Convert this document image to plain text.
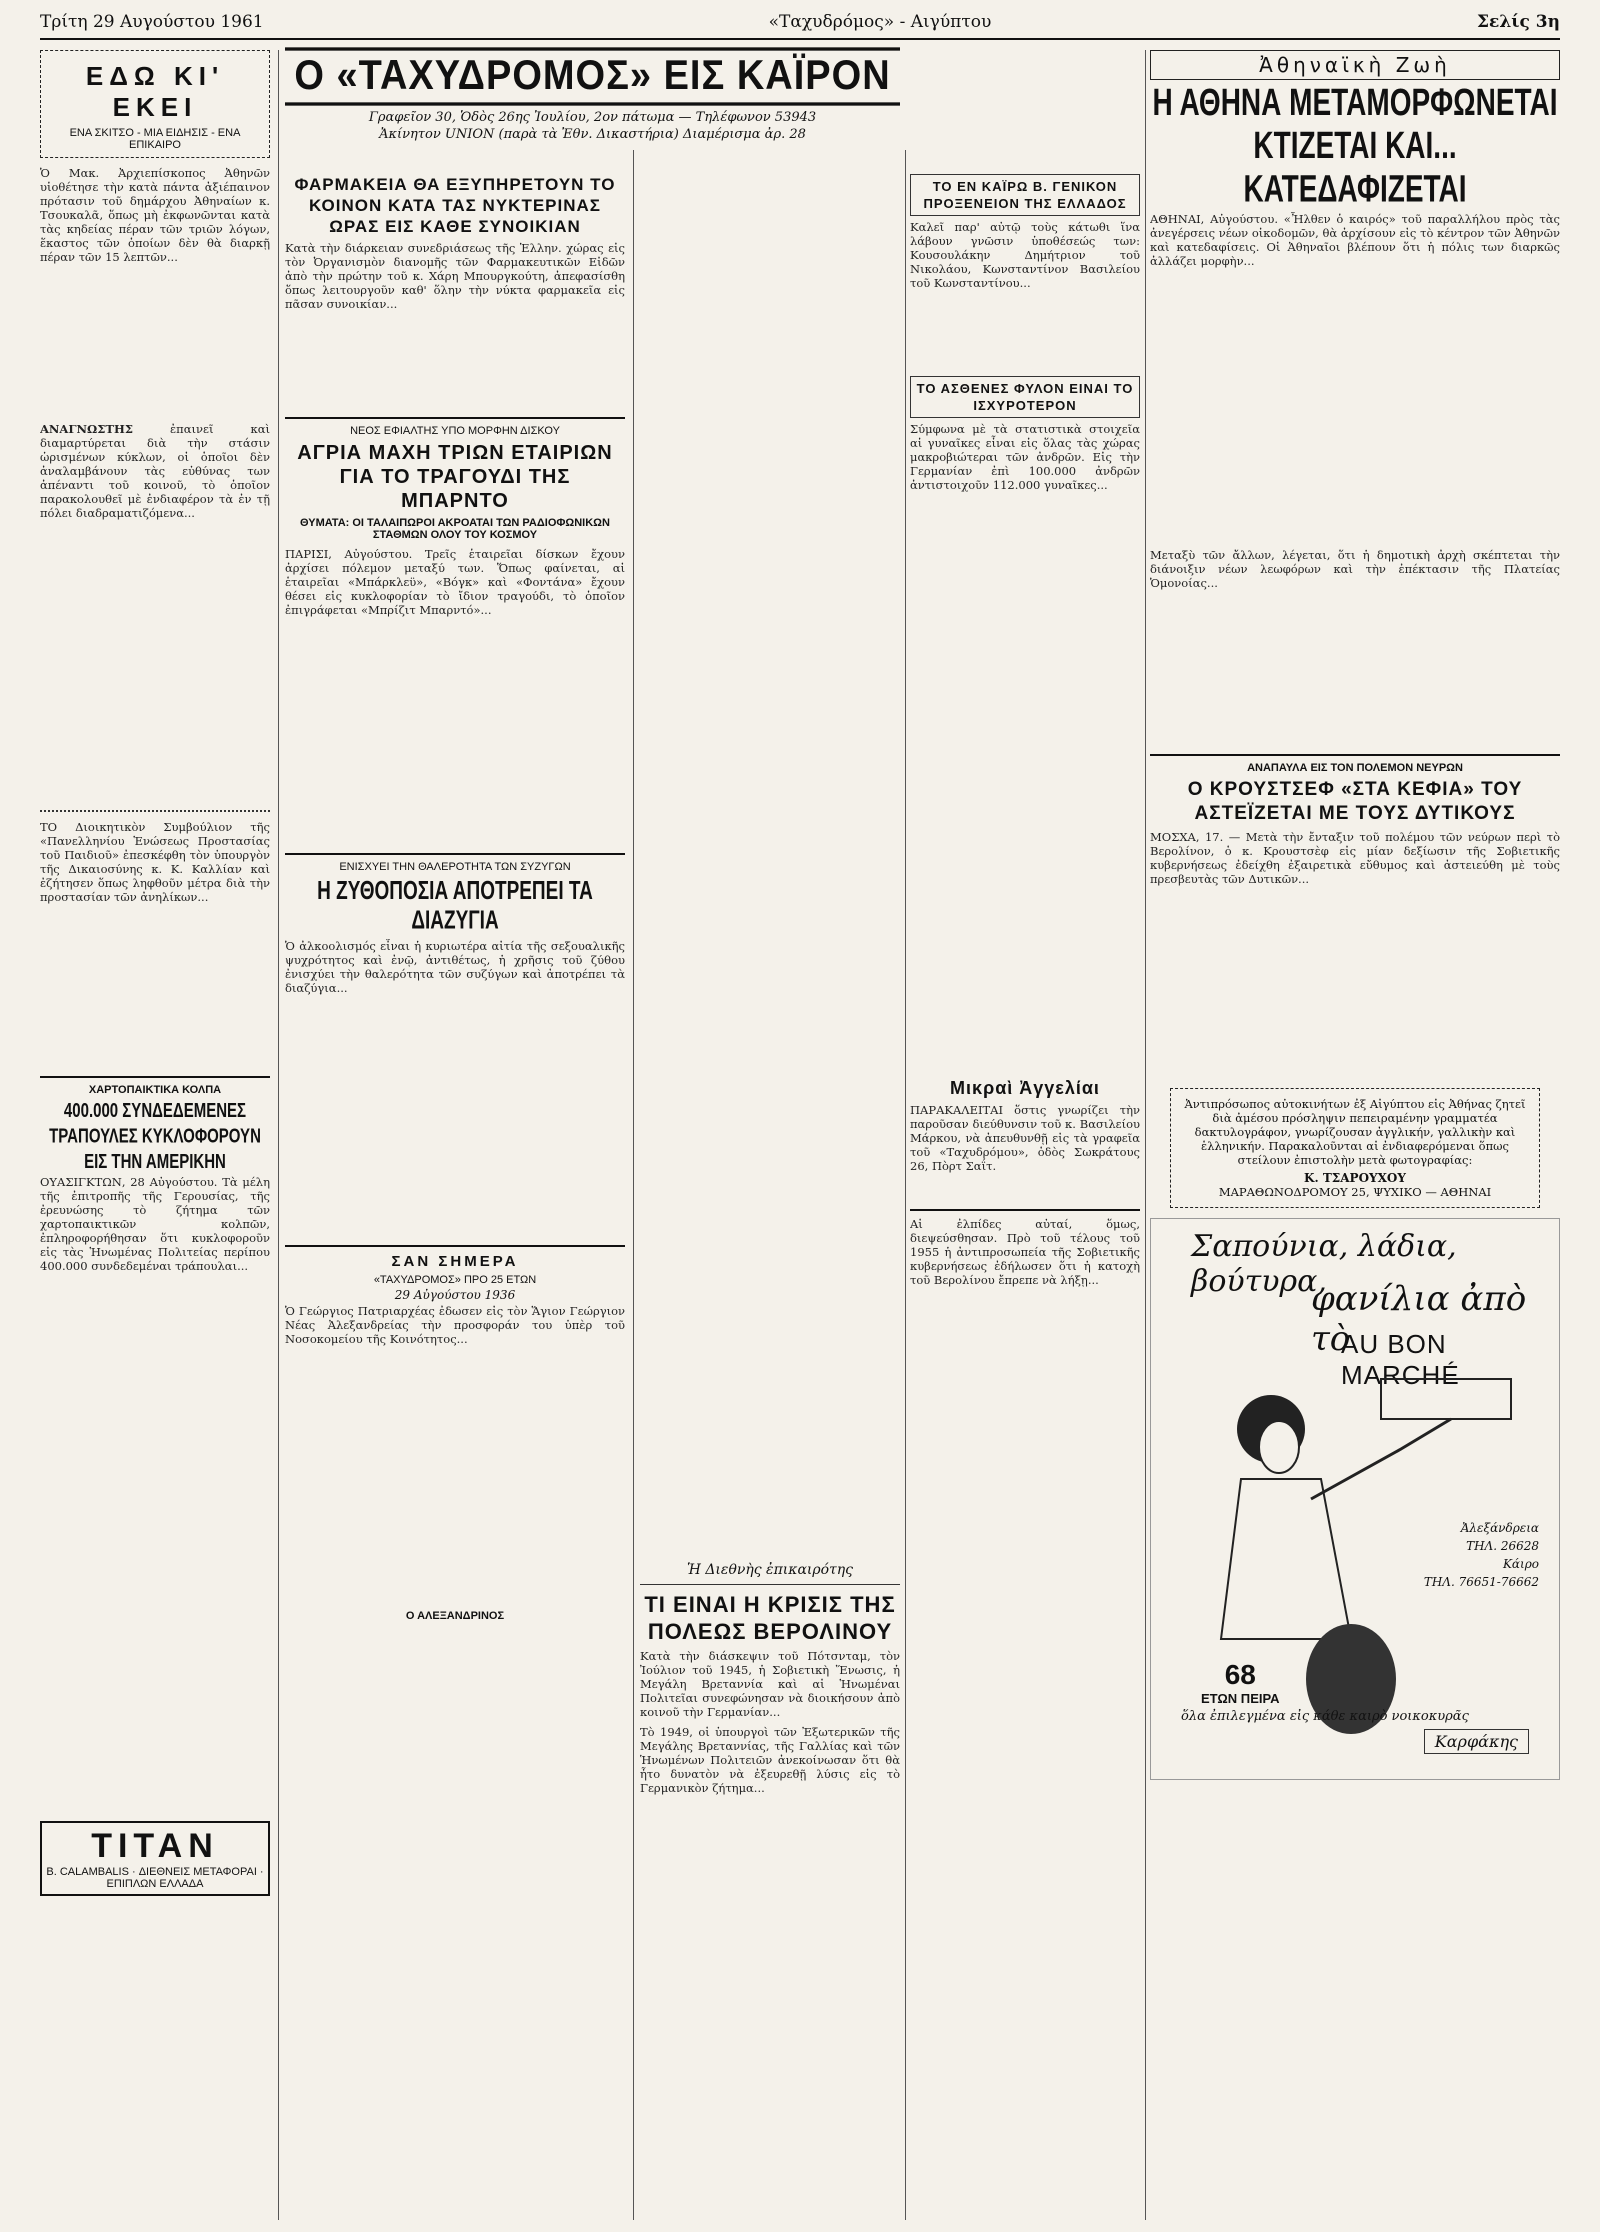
Τρίτη 29 Αυγούστου 1961	«Ταχυδρόμος» - Αιγύπτου	Σελίς 3η
ΕΔΩ ΚΙ' ΕΚΕΙ
ΕΝΑ ΣΚΙΤΣΟ - ΜΙΑ ΕΙΔΗΣΙΣ - ΕΝΑ ΕΠΙΚΑΙΡΟ

Ὁ Μακ. Ἀρχιεπίσκοπος Ἀθηνῶν υἱοθέτησε τὴν κατὰ πάντα ἀξιέπαινον πρότασιν τοῦ δημάρχου Ἀθηναίων κ. Τσουκαλᾶ, ὅπως μὴ ἐκφωνῶνται κατὰ τὰς κηδείας πέραν τῶν τριῶν λόγων, ἕκαστος τῶν ὁποίων δὲν θὰ διαρκῇ πέραν τῶν 15 λεπτῶν...

ΑΝΑΓΝΩΣΤΗΣ	ἐπαινεῖ καὶ διαμαρτύρεται διὰ τὴν στάσιν ὡρισμένων κύκλων, οἱ ὁποῖοι δὲν ἀναλαμβάνουν τὰς εὐθύνας των ἀπέναντι τοῦ κοινοῦ, τὸ ὁποῖον παρακολουθεῖ μὲ ἐνδιαφέρον τὰ ἐν τῇ πόλει διαδραματιζόμενα...

ΤΟ Διοικητικὸν Συμβούλιον τῆς «Πανελληνίου Ἑνώσεως Προστασίας τοῦ Παιδιοῦ» ἐπεσκέφθη τὸν ὑπουργὸν τῆς Δικαιοσύνης κ. Κ. Καλλίαν καὶ ἐζήτησεν ὅπως ληφθοῦν μέτρα διὰ τὴν προστασίαν τῶν ἀνηλίκων...

ΧΑΡΤΟΠΑΙΚΤΙΚΑ ΚΟΛΠΑ
400.000 ΣΥΝΔΕΔΕΜΕΝΕΣ ΤΡΑΠΟΥΛΕΣ ΚΥΚΛΟΦΟΡΟΥΝ ΕΙΣ ΤΗΝ ΑΜΕΡΙΚΗΝ

ΟΥΑΣΙΓΚΤΩΝ, 28 Αὐγούστου. Τὰ μέλη τῆς ἐπιτροπῆς τῆς Γερουσίας, τῆς ἐρευνώσης τὸ ζήτημα τῶν χαρτοπαικτικῶν κολπῶν, ἐπληροφορήθησαν ὅτι κυκλοφοροῦν εἰς τὰς Ἡνωμένας Πολιτείας περίπου 400.000 συνδεδεμέναι τράπουλαι...

TITAN
B. CALAMBALIS · ΔΙΕΘΝΕΙΣ ΜΕΤΑΦΟΡΑΙ · ΕΠΙΠΛΩΝ ΕΛΛΑΔΑ
Ο «ΤΑΧΥΔΡΟΜΟΣ» ΕΙΣ ΚΑΪΡΟΝ
Γραφεῖον 30, Ὁδὸς 26ης Ἰουλίου, 2ον πάτωμα — Τηλέφωνον 53943
Ἀκίνητον UNION (παρὰ τὰ Ἐθν. Δικαστήρια) Διαμέρισμα ἀρ. 28
ΦΑΡΜΑΚΕΙΑ ΘΑ ΕΞΥΠΗΡΕΤΟΥΝ ΤΟ ΚΟΙΝΟΝ ΚΑΤΑ ΤΑΣ ΝΥΚΤΕΡΙΝΑΣ ΩΡΑΣ ΕΙΣ ΚΑΘΕ ΣΥΝΟΙΚΙΑΝ

Κατὰ τὴν διάρκειαν συνεδριάσεως τῆς Ἑλλην. χώρας εἰς τὸν Ὀργανισμὸν διανομῆς τῶν Φαρμακευτικῶν Εἰδῶν ἀπὸ τὴν πρώτην τοῦ κ. Χάρη Μπουργκούτη, ἀπεφασίσθη ὅπως λειτουργοῦν καθ' ὅλην τὴν νύκτα φαρμακεῖα εἰς πᾶσαν συνοικίαν...

ΝΕΟΣ ΕΦΙΑΛΤΗΣ ΥΠΟ ΜΟΡΦΗΝ ΔΙΣΚΟΥ
ΑΓΡΙΑ ΜΑΧΗ ΤΡΙΩΝ ΕΤΑΙΡΙΩΝ ΓΙΑ ΤΟ ΤΡΑΓΟΥΔΙ ΤΗΣ ΜΠΑΡΝΤΟ
ΘΥΜΑΤΑ: ΟΙ ΤΑΛΑΙΠΩΡΟΙ ΑΚΡΟΑΤΑΙ ΤΩΝ ΡΑΔΙΟΦΩΝΙΚΩΝ ΣΤΑΘΜΩΝ ΟΛΟΥ ΤΟΥ ΚΟΣΜΟΥ

ΠΑΡΙΣΙ, Αὐγούστου. Τρεῖς ἑταιρεῖαι δίσκων ἔχουν ἀρχίσει πόλεμον μεταξύ των. Ὅπως φαίνεται, αἱ ἑταιρεῖαι «Μπάρκλεϋ», «Βόγκ» καὶ «Φοντάνα» ἔχουν θέσει εἰς κυκλοφορίαν τὸ ἴδιον τραγούδι, τὸ ὁποῖον ἐπιγράφεται «Μπρίζιτ Μπαρντό»...

ΕΝΙΣΧΥΕΙ ΤΗΝ ΘΑΛΕΡΟΤΗΤΑ ΤΩΝ ΣΥΖΥΓΩΝ
Η ΖΥΘΟΠΟΣΙΑ ΑΠΟΤΡΕΠΕΙ ΤΑ ΔΙΑΖΥΓΙΑ

Ὁ ἀλκοολισμός εἶναι ἡ κυριωτέρα αἰτία τῆς σεξουαλικῆς ψυχρότητος καὶ ἐνῷ, ἀντιθέτως, ἡ χρῆσις τοῦ ζύθου ἐνισχύει τὴν θαλερότητα τῶν συζύγων καὶ ἀποτρέπει τὰ διαζύγια...

ΣΑΝ ΣΗΜΕΡΑ
«ΤΑΧΥΔΡΟΜΟΣ» ΠΡΟ 25 ΕΤΩΝ
29 Αὐγούστου 1936

Ὁ Γεώργιος Πατριαρχέας ἐδωσεν εἰς τὸν Ἅγιον Γεώργιον Νέας Ἀλεξανδρείας τὴν προσφοράν του ὑπὲρ τοῦ Νοσοκομείου τῆς Κοινότητος...

Ο ΑΛΕΞΑΝΔΡΙΝΟΣ
Ἡ Διεθνὴς ἐπικαιρότης
ΤΙ ΕΙΝΑΙ Η ΚΡΙΣΙΣ ΤΗΣ ΠΟΛΕΩΣ ΒΕΡΟΛΙΝΟΥ

Κατὰ τὴν διάσκεψιν τοῦ Πότσνταμ, τὸν Ἰούλιον τοῦ 1945, ἡ Σοβιετικὴ Ἕνωσις, ἡ Μεγάλη Βρεταννία καὶ αἱ Ἡνωμέναι Πολιτεῖαι συνεφώνησαν νὰ διοικήσουν ἀπὸ κοινοῦ τὴν Γερμανίαν...

Τὸ 1949, οἱ ὑπουργοὶ τῶν Ἐξωτερικῶν τῆς Μεγάλης Βρεταννίας, τῆς Γαλλίας καὶ τῶν Ἡνωμένων Πολιτειῶν ἀνεκοίνωσαν ὅτι θὰ ἦτο δυνατὸν νὰ ἐξευρεθῇ λύσις εἰς τὸ Γερμανικὸν ζήτημα...

ΤΟ ΕΝ ΚΑΪΡΩ Β. ΓΕΝΙΚΟΝ ΠΡΟΞΕΝΕΙΟΝ ΤΗΣ ΕΛΛΑΔΟΣ

Καλεῖ παρ' αὐτῷ τοὺς κάτωθι ἵνα λάβουν γνῶσιν ὑποθέσεώς των: Κουσουλάκην Δημήτριον τοῦ Νικολάου, Κωνσταντίνον Βασιλείου τοῦ Κωνσταντίνου...

ΤΟ ΑΣΘΕΝΕΣ ΦΥΛΟΝ ΕΙΝΑΙ ΤΟ ΙΣΧΥΡΟΤΕΡΟΝ

Σύμφωνα μὲ τὰ στατιστικὰ στοιχεῖα αἱ γυναῖκες εἶναι εἰς ὅλας τὰς χώρας μακροβιώτεραι τῶν ἀνδρῶν. Εἰς τὴν Γερμανίαν ἐπὶ 100.000 ἀνδρῶν ἀντιστοιχοῦν 112.000 γυναῖκες...

Μικραὶ Ἀγγελίαι

ΠΑΡΑΚΑΛΕΙΤΑΙ ὅστις γνωρίζει τὴν παροῦσαν διεύθυνσιν τοῦ κ. Βασιλείου Μάρκου, νὰ ἀπευθυνθῇ εἰς τὰ γραφεῖα τοῦ «Ταχυδρόμου», ὁδὸς Σωκράτους 26, Πὸρτ Σαΐτ.

Αἱ ἐλπίδες αὐταί, ὅμως, διεψεύσθησαν. Πρὸ τοῦ τέλους τοῦ 1955 ἡ ἀντιπροσωπεία τῆς Σοβιετικῆς κυβερνήσεως ἐδήλωσεν ὅτι ἡ κατοχὴ τοῦ Βερολίνου ἔπρεπε νὰ λήξῃ...

Ἀθηναϊκὴ Ζωὴ
Η ΑΘΗΝΑ ΜΕΤΑΜΟΡΦΩΝΕΤΑΙ ΚΤΙΖΕΤΑΙ ΚΑΙ... ΚΑΤΕΔΑΦΙΖΕΤΑΙ

ΑΘΗΝΑΙ, Αὐγούστου. «Ἦλθεν ὁ καιρός» τοῦ παραλλήλου πρὸς τὰς ἀνεγέρσεις νέων οἰκοδομῶν, θὰ ἀρχίσουν εἰς τὸ κέντρον τῶν Ἀθηνῶν καὶ κατεδαφίσεις. Οἱ Ἀθηναῖοι βλέπουν ὅτι ἡ πόλις των διαρκῶς ἀλλάζει μορφὴν...

Μεταξὺ τῶν ἄλλων, λέγεται, ὅτι ἡ δημοτικὴ ἀρχὴ σκέπτεται τὴν διάνοιξιν νέων λεωφόρων καὶ τὴν ἐπέκτασιν τῆς Πλατείας Ὁμονοίας...

ΑΝΑΠΑΥΛΑ ΕΙΣ ΤΟΝ ΠΟΛΕΜΟΝ ΝΕΥΡΩΝ
Ο ΚΡΟΥΣΤΣΕΦ «ΣΤΑ ΚΕΦΙΑ» ΤΟΥ ΑΣΤΕΪΖΕΤΑΙ ΜΕ ΤΟΥΣ ΔΥΤΙΚΟΥΣ

ΜΟΣΧΑ, 17. — Μετὰ τὴν ἔνταξιν τοῦ πολέμου τῶν νεύρων περὶ τὸ Βερολίνον, ὁ κ. Κρουστσὲφ εἰς μίαν δεξίωσιν τῆς Σοβιετικῆς κυβερνήσεως ἐδείχθη ἐξαιρετικὰ εὔθυμος καὶ ἀστειεύθη μὲ τοὺς πρεσβευτὰς τῶν Δυτικῶν...

Ἀντιπρόσωπος αὐτοκινήτων ἐξ Αἰγύπτου εἰς Ἀθήνας ζητεῖ διὰ ἀμέσου πρόσληψιν πεπειραμένην γραμματέα δακτυλογράφον, γνωρίζουσαν ἀγγλικήν, γαλλικὴν καὶ ἑλληνικήν. Παρακαλοῦνται αἱ ἐνδιαφερόμεναι ὅπως στείλουν ἐπιστολὴν μετὰ φωτογραφίας:
Κ. ΤΣΑΡΟΥΧΟΥ
ΜΑΡΑΘΩΝΟΔΡΟΜΟΥ 25, ΨΥΧΙΚΟ — ΑΘΗΝΑΙ
Σαπούνια, λάδια, βούτυρα,
φανίλια ἀπὸ τὸ
AU BON MARCHÉ
Ἀλεξάνδρεια
ΤΗΛ. 26628
Κάιρο
ΤΗΛ. 76651-76662
68
ΕΤΩΝ ΠΕΙΡΑ
ὅλα ἐπιλεγμένα εἰς κάθε καιρὸ νοικοκυρᾶς
Καρφάκης
